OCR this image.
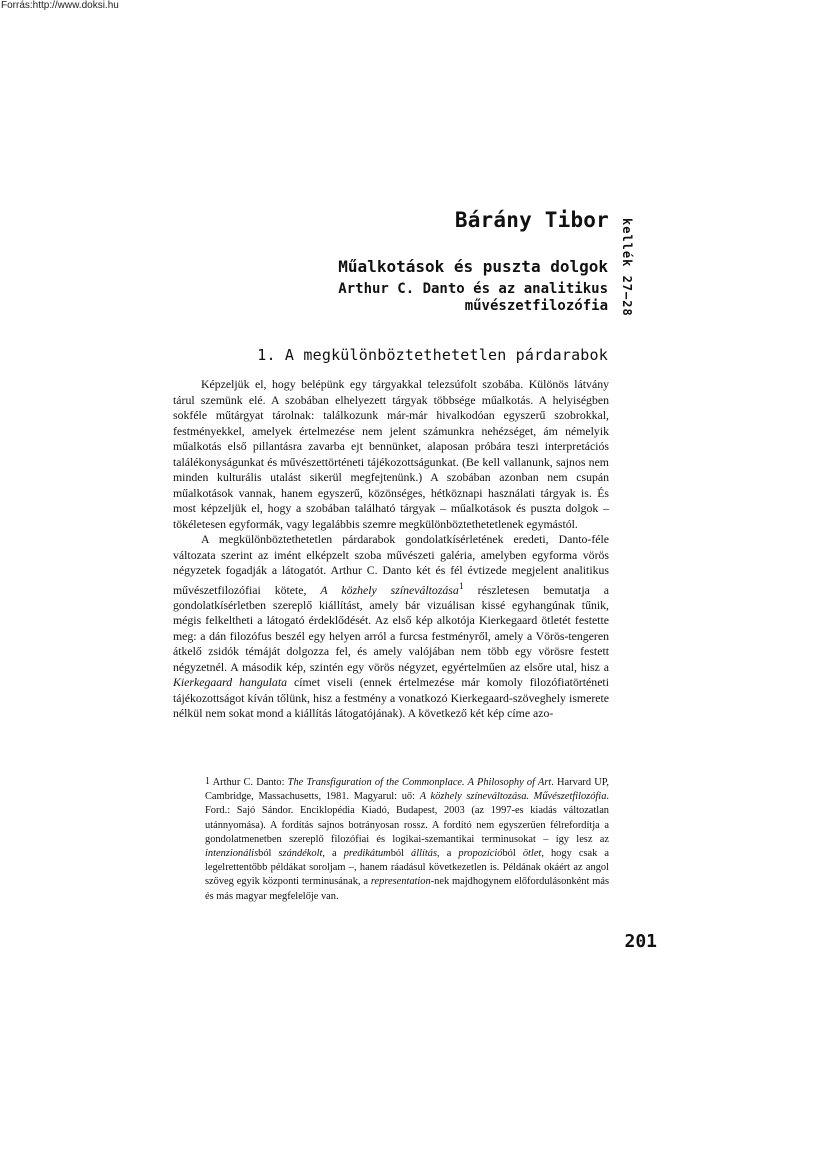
Forrás:http://www.doksi.hu
kellék 27–28
Bárány Tibor
Műalkotások és puszta dolgok
Arthur C. Danto és az analitikus művészetfilozófia
1. A megkülönböztethetetlen párdarabok

Képzeljük el, hogy belépünk egy tárgyakkal telezsúfolt szobába. Különös látvány tárul szemünk elé. A szobában elhelyezett tárgyak többsége műalkotás. A helyiségben sokféle műtárgyat tárolnak: találkozunk már-már hivalkodóan egyszerű szobrokkal, festményekkel, amelyek értelmezése nem jelent számunkra nehézséget, ám némelyik műalkotás első pillantásra zavarba ejt bennünket, alaposan próbára teszi interpretációs találékonyságunkat és művészettörténeti tájékozottságunkat. (Be kell vallanunk, sajnos nem minden kulturális utalást sikerül megfejtenünk.) A szobában azonban nem csupán műalkotások vannak, hanem egyszerű, közönséges, hétköznapi használati tárgyak is. És most képzeljük el, hogy a szobában található tárgyak – műalkotások és puszta dolgok – tökéletesen egyformák, vagy legalábbis szemre megkülönböztethetetlenek egymástól.

A megkülönböztethetetlen párdarabok gondolatkísérletének eredeti, Danto-féle változata szerint az imént elképzelt szoba művészeti galéria, amelyben egyforma vörös négyzetek fogadják a látogatót. Arthur C. Danto két és fél évtizede megjelent analitikus művészetfilozófiai kötete, A közhely színeváltozása$^1$ részletesen bemutatja a gondolatkísérletben szereplő kiállítást, amely bár vizuálisan kissé egyhangúnak tűnik, mégis felkeltheti a látogató érdeklődését. Az első kép alkotója Kierkegaard ötletét festette meg: a dán filozófus beszél egy helyen arról a furcsa festményről, amely a Vörös-tengeren átkelő zsidók témáját dolgozza fel, és amely valójában nem több egy vörösre festett négyzetnél. A második kép, szintén egy vörös négyzet, egyértelműen az elsőre utal, hisz a Kierkegaard hangulata címet viseli (ennek értelmezése már komoly filozófiatörténeti tájékozottságot kíván tőlünk, hisz a festmény a vonatkozó Kierkegaard-szöveghely ismerete nélkül nem sokat mond a kiállítás látogatójának). A következő két kép címe azo-

$^1$ Arthur C. Danto: The Transfiguration of the Commonplace. A Philosophy of Art. Harvard UP, Cambridge, Massachusetts, 1981. Magyarul: uő: A közhely színeváltozása. Művészetfilozófia. Ford.: Sajó Sándor. Enciklopédia Kiadó, Budapest, 2003 (az 1997-es kiadás változatlan utánnyomása). A fordítás sajnos botrányosan rossz. A fordító nem egyszerűen félrefordítja a gondolatmenetben szereplő filozófiai és logikai-szemantikai terminusokat – így lesz az intenzionálisból szándékolt, a predikátumból állítás, a propozícióból ötlet, hogy csak a legelrettentőbb példákat soroljam –, hanem ráadásul következetlen is. Példának okáért az angol szöveg egyik központi terminusának, a representation-nek majdhogynem előfordulásonként más és más magyar megfelelője van.
201
